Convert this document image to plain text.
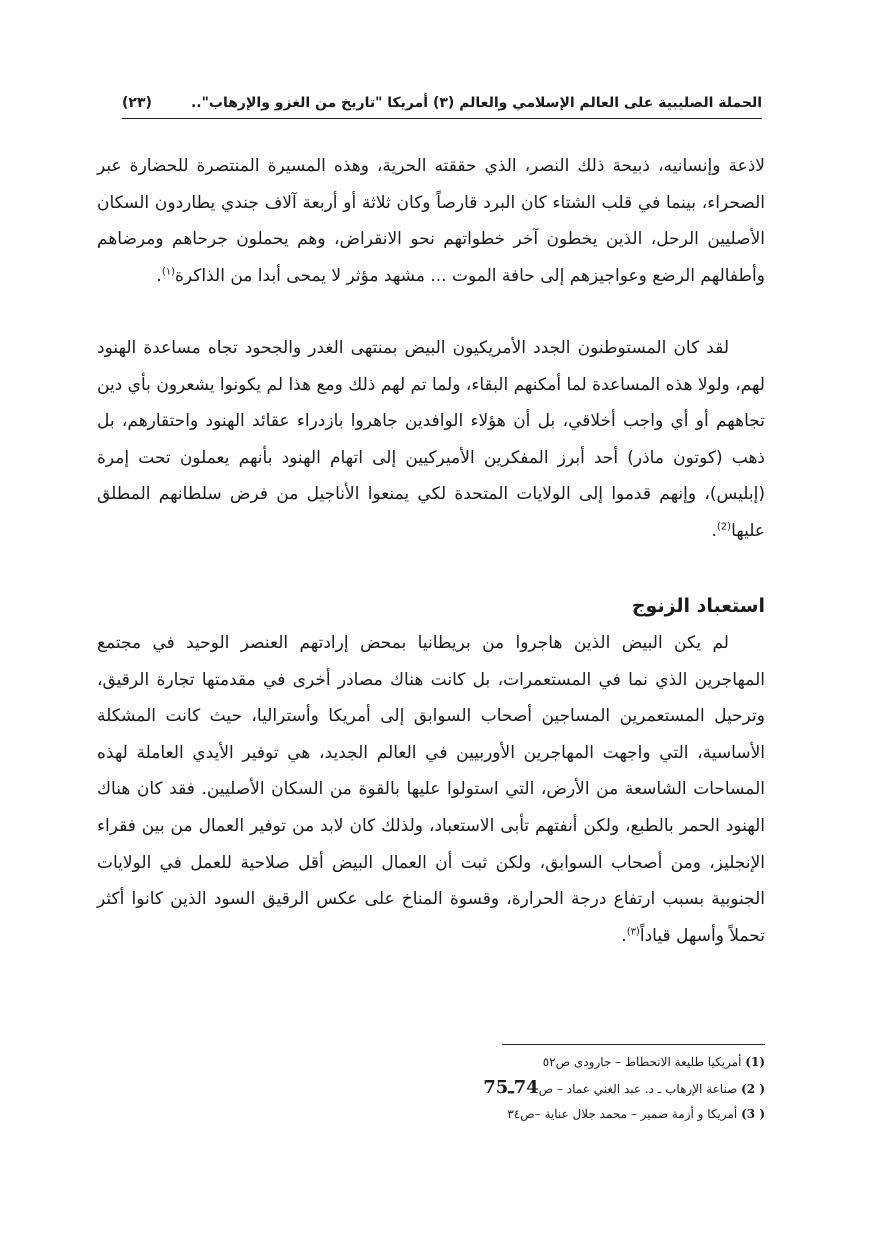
الحملة الصليبية على العالم الإسلامي والعالم (٣) أمريكا "تاريخ من الغزو والإرهاب"..
(٢٣)

لاذعة وإنسانيه، ذبيحة ذلك النصر، الذي حققته الحرية، وهذه المسيرة المنتصرة للحضارة عبر الصحراء، بينما في قلب الشتاء كان البرد قارصاً وكان ثلاثة أو أربعة آلاف جندي يطاردون السكان الأصليين الرحل، الذين يخطون آخر خطواتهم نحو الانقراض، وهم يحملون جرحاهم ومرضاهم وأطفالهم الرضع وعواجيزهم إلى حافة الموت ... مشهد مؤثر لا يمحى أبدا من الذاكرة$^{(١)}$.

لقد كان المستوطنون الجدد الأمريكيون البيض بمنتهى الغدر والجحود تجاه مساعدة الهنود لهم، ولولا هذه المساعدة لما أمكنهم البقاء، ولما تم لهم ذلك ومع هذا لم يكونوا يشعرون بأي دين تجاههم أو أي واجب أخلاقي، بل أن هؤلاء الوافدين جاهروا بازدراء عقائد الهنود واحتقارهم، بل ذهب (كوتون ماذر) أحد أبرز المفكرين الأميركيين إلى اتهام الهنود بأنهم يعملون تحت إمرة (إبليس)، وإنهم قدموا إلى الولايات المتحدة لكي يمنعوا الأناجيل من فرض سلطانهم المطلق عليها$^{(2)}$.

استعباد الزنوج

لم يكن البيض الذين هاجروا من بريطانيا بمحض إرادتهم العنصر الوحيد في مجتمع المهاجرين الذي نما في المستعمرات، بل كانت هناك مصادر أخرى في مقدمتها تجارة الرقيق، وترحيل المستعمرين المساجين أصحاب السوابق إلى أمريكا وأستراليا، حيث كانت المشكلة الأساسية، التي واجهت المهاجرين الأوربيين في العالم الجديد، هي توفير الأيدي العاملة لهذه المساحات الشاسعة من الأرض، التي استولوا عليها بالقوة من السكان الأصليين. فقد كان هناك الهنود الحمر بالطبع، ولكن أنفتهم تأبى الاستعباد، ولذلك كان لابد من توفير العمال من بين فقراء الإنجليز، ومن أصحاب السوابق، ولكن ثبت أن العمال البيض أقل صلاحية للعمل في الولايات الجنوبية بسبب ارتفاع درجة الحرارة، وقسوة المناخ على عكس الرقيق السود الذين كانوا أكثر تحملاً وأسهل قياداً$^{(٣)}$.

(1) أمريكيا طليعة الانحطاط – جارودى ص٥٢
( 2) صناعة الإرهاب ـ د. عبد الغني عماد – ص74ـ75
( 3) أمريكا و أزمة ضمير – محمد جلال عناية –ص٣٤
